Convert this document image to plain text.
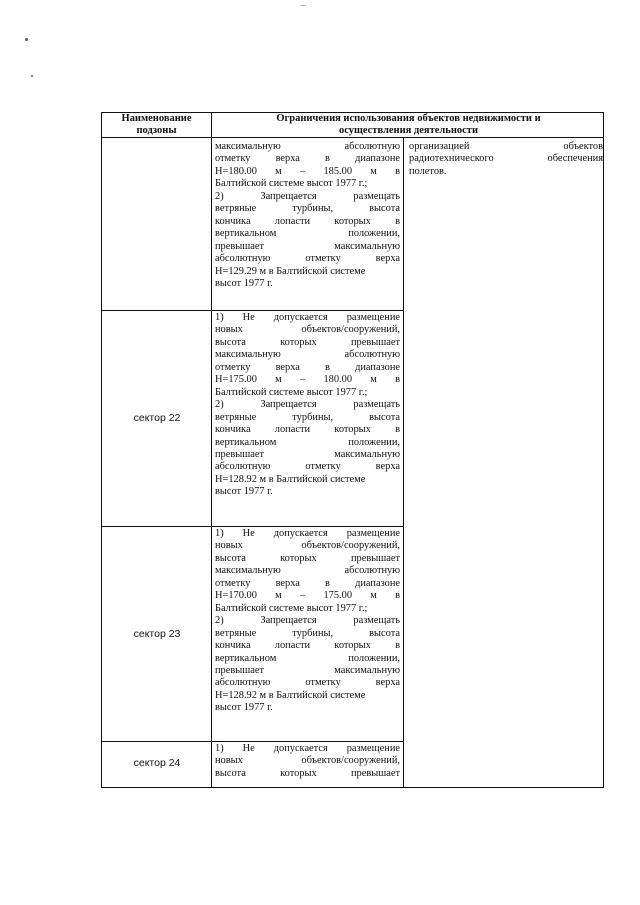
Наименование
подзоны
Ограничения использования объектов недвижимости и
осуществления деятельности
максимальную абсолютную
отметку верха в диапазоне
Н=180.00 м – 185.00 м в
Балтийской системе высот 1977 г.;
2) Запрещается размещать
ветряные турбины, высота
кончика лопасти которых в
вертикальном положении,
превышает максимальную
абсолютную отметку верха
Н=129.29 м в Балтийской системе
высот 1977 г.
сектор 22
1) Не допускается размещение
новых объектов/сооружений,
высота которых превышает
максимальную абсолютную
отметку верха в диапазоне
Н=175.00 м – 180.00 м в
Балтийской системе высот 1977 г.;
2) Запрещается размещать
ветряные турбины, высота
кончика лопасти которых в
вертикальном положении,
превышает максимальную
абсолютную отметку верха
Н=128.92 м в Балтийской системе
высот 1977 г.
сектор 23
1) Не допускается размещение
новых объектов/сооружений,
высота которых превышает
максимальную абсолютную
отметку верха в диапазоне
Н=170.00 м – 175.00 м в
Балтийской системе высот 1977 г.;
2) Запрещается размещать
ветряные турбины, высота
кончика лопасти которых в
вертикальном положении,
превышает максимальную
абсолютную отметку верха
Н=128.92 м в Балтийской системе
высот 1977 г.
сектор 24
1) Не допускается размещение
новых объектов/сооружений,
высота которых превышает
организацией объектов
радиотехнического обеспечения
полетов.
